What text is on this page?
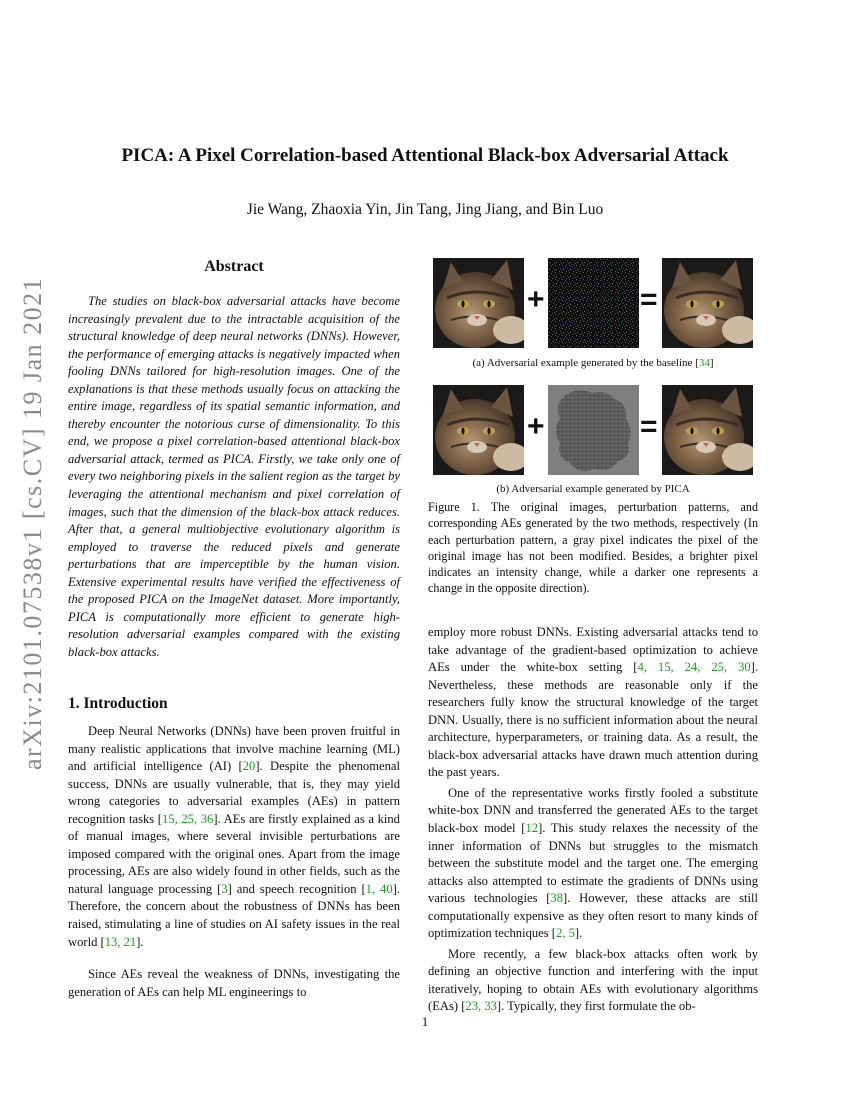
arXiv:2101.07538v1 [cs.CV] 19 Jan 2021
PICA: A Pixel Correlation-based Attentional Black-box Adversarial Attack
Jie Wang, Zhaoxia Yin, Jin Tang, Jing Jiang, and Bin Luo
Abstract

The studies on black-box adversarial attacks have become increasingly prevalent due to the intractable acquisition of the structural knowledge of deep neural networks (DNNs). However, the performance of emerging attacks is negatively impacted when fooling DNNs tailored for high-resolution images. One of the explanations is that these methods usually focus on attacking the entire image, regardless of its spatial semantic information, and thereby encounter the notorious curse of dimensionality. To this end, we propose a pixel correlation-based attentional black-box adversarial attack, termed as PICA. Firstly, we take only one of every two neighboring pixels in the salient region as the target by leveraging the attentional mechanism and pixel correlation of images, such that the dimension of the black-box attack reduces. After that, a general multiobjective evolutionary algorithm is employed to traverse the reduced pixels and generate perturbations that are imperceptible by the human vision. Extensive experimental results have verified the effectiveness of the proposed PICA on the ImageNet dataset. More importantly, PICA is computationally more efficient to generate high-resolution adversarial examples compared with the existing black-box attacks.

1. Introduction

Deep Neural Networks (DNNs) have been proven fruitful in many realistic applications that involve machine learning (ML) and artificial intelligence (AI) [20]. Despite the phenomenal success, DNNs are usually vulnerable, that is, they may yield wrong categories to adversarial examples (AEs) in pattern recognition tasks [15, 25, 36]. AEs are firstly explained as a kind of manual images, where several invisible perturbations are imposed compared with the original ones. Apart from the image processing, AEs are also widely found in other fields, such as the natural language processing [3] and speech recognition [1, 40]. Therefore, the concern about the robustness of DNNs has been raised, stimulating a line of studies on AI safety issues in the real world [13, 21].

Since AEs reveal the weakness of DNNs, investigating the generation of AEs can help ML engineerings to

+	=

(a) Adversarial example generated by the baseline [34]

+	=

(b) Adversarial example generated by PICA

Figure 1. The original images, perturbation patterns, and corresponding AEs generated by the two methods, respectively (In each perturbation pattern, a gray pixel indicates the pixel of the original image has not been modified. Besides, a brighter pixel indicates an intensity change, while a darker one represents a change in the opposite direction).

employ more robust DNNs. Existing adversarial attacks tend to take advantage of the gradient-based optimization to achieve AEs under the white-box setting [4, 15, 24, 25, 30]. Nevertheless, these methods are reasonable only if the researchers fully know the structural knowledge of the target DNN. Usually, there is no sufficient information about the neural architecture, hyperparameters, or training data. As a result, the black-box adversarial attacks have drawn much attention during the past years.

One of the representative works firstly fooled a substitute white-box DNN and transferred the generated AEs to the target black-box model [12]. This study relaxes the necessity of the inner information of DNNs but struggles to the mismatch between the substitute model and the target one. The emerging attacks also attempted to estimate the gradients of DNNs using various technologies [38]. However, these attacks are still computationally expensive as they often resort to many kinds of optimization techniques [2, 5].

More recently, a few black-box attacks often work by defining an objective function and interfering with the input iteratively, hoping to obtain AEs with evolutionary algorithms (EAs) [23, 33]. Typically, they first formulate the ob-

1
